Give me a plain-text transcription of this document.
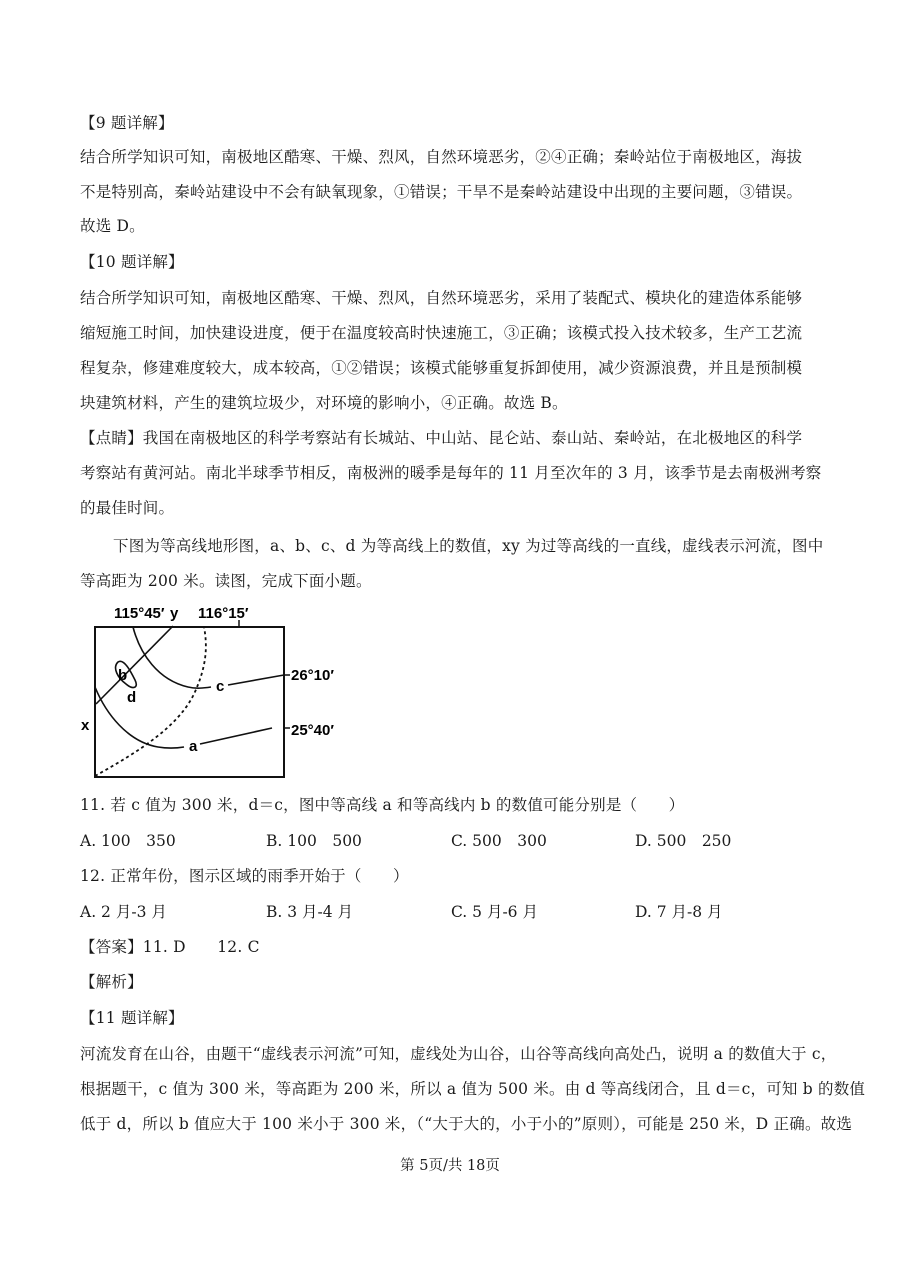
【9 题详解】
结合所学知识可知，南极地区酷寒、干燥、烈风，自然环境恶劣，②④正确；秦岭站位于南极地区，海拔
不是特别高，秦岭站建设中不会有缺氧现象，①错误；干旱不是秦岭站建设中出现的主要问题，③错误。
故选 D。
【10 题详解】
结合所学知识可知，南极地区酷寒、干燥、烈风，自然环境恶劣，采用了装配式、模块化的建造体系能够
缩短施工时间，加快建设进度，便于在温度较高时快速施工，③正确；该模式投入技术较多，生产工艺流
程复杂，修建难度较大，成本较高，①②错误；该模式能够重复拆卸使用，减少资源浪费，并且是预制模
块建筑材料，产生的建筑垃圾少，对环境的影响小，④正确。故选 B。
【点睛】我国在南极地区的科学考察站有长城站、中山站、昆仑站、泰山站、秦岭站，在北极地区的科学
考察站有黄河站。南北半球季节相反，南极洲的暖季是每年的 11 月至次年的 3 月，该季节是去南极洲考察
的最佳时间。
下图为等高线地形图，a、b、c、d 为等高线上的数值，xy 为过等高线的一直线，虚线表示河流，图中
等高距为 200 米。读图，完成下面小题。
115°45′ y 116°15′
26°10′
25°40′
x
b
d
c
a
11. 若 c 值为 300 米，d＝c，图中等高线 a 和等高线内 b 的数值可能分别是（　　）
A. 100　350	B. 100　500	C. 500　300	D. 500　250
12. 正常年份，图示区域的雨季开始于（　　）
A. 2 月-3 月	B. 3 月-4 月	C. 5 月-6 月	D. 7 月-8 月
【答案】11. D　　12. C
【解析】
【11 题详解】
河流发育在山谷，由题干“虚线表示河流”可知，虚线处为山谷，山谷等高线向高处凸，说明 a 的数值大于 c，
根据题干，c 值为 300 米，等高距为 200 米，所以 a 值为 500 米。由 d 等高线闭合，且 d＝c，可知 b 的数值
低于 d，所以 b 值应大于 100 米小于 300 米，（“大于大的，小于小的”原则），可能是 250 米，D 正确。故选
第 5页/共 18页
